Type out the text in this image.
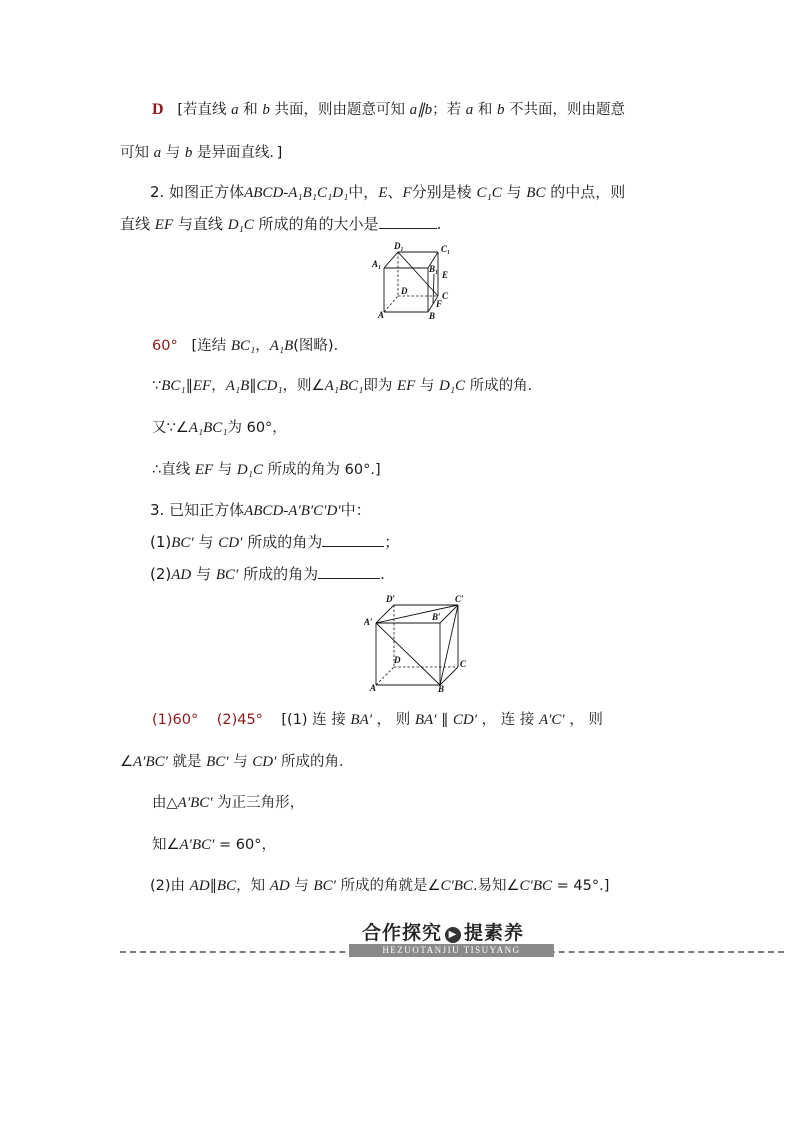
D [若直线 a 和 b 共面，则由题意可知 a∥b；若 a 和 b 不共面，则由题意
可知 a 与 b 是异面直线．]
2. 如图正方体ABCD-A₁B₁C₁D₁中，E、F分别是棱 C₁C 与 BC 的中点，则
直线 EF 与直线 D₁C 所成的角的大小是	.
D₁	C₁
A₁	B₁
E
D	C
F
A	B
60° [连结 BC₁，A₁B(图略)．
∵BC₁∥EF，A₁B∥CD₁，则∠A₁BC₁即为 EF 与 D₁C 所成的角．
又∵∠A₁BC₁为 60°，
∴直线 EF 与 D₁C 所成的角为 60°.]
3. 已知正方体ABCD-A′B′C′D′中：
(1)BC′ 与 CD′ 所成的角为	；
(2)AD 与 BC′ 所成的角为	.
D′	C′
A′	B′
D	C
A	B
(1)60° (2)45° [(1) 连 接 BA′ ， 则 BA′ ∥ CD′ ， 连 接 A′C′ ， 则
∠A′BC′ 就是 BC′ 与 CD′ 所成的角．
由△A′BC′ 为正三角形，
知∠A′BC′ = 60°，
(2)由 AD∥BC，知 AD 与 BC′ 所成的角就是∠C′BC.易知∠C′BC = 45°.]
合作探究 ▶ 提素养
HEZUOTANJIU TISUYANG
